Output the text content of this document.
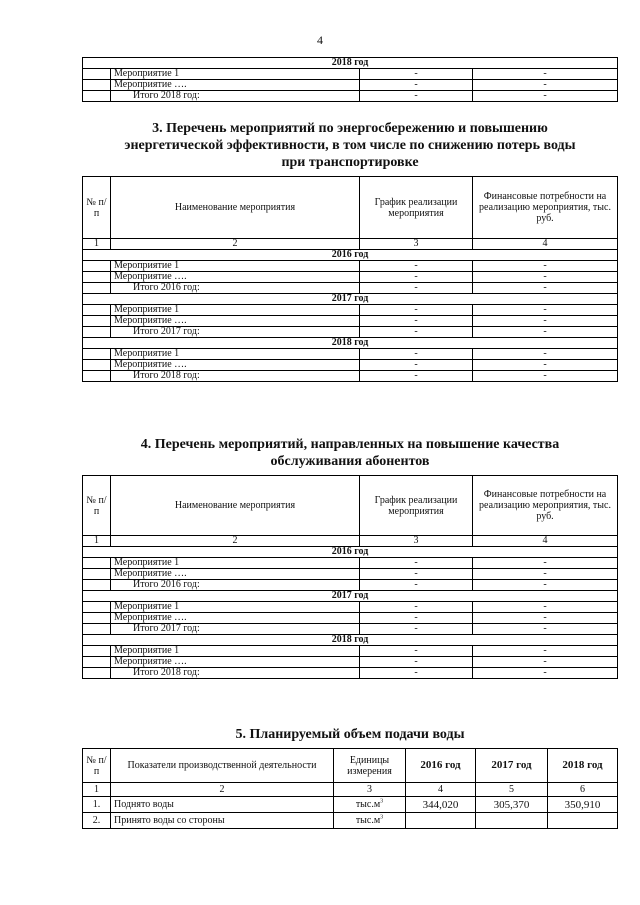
4
2018 год			
	Мероприятие 1	-	-
	Мероприятие ….	-	-
	Итого 2018 год:	-	-
3. Перечень мероприятий по энергосбережению и повышению
энергетической эффективности, в том числе по снижению потерь воды
при транспортировке
№ п/п	Наименование мероприятия	График реализации мероприятия	Финансовые потребности на реализацию мероприятия, тыс. руб.
1	2	3	4
2016 год			
	Мероприятие 1	-	-
	Мероприятие ….	-	-
	Итого 2016 год:	-	-
2017 год			
	Мероприятие 1	-	-
	Мероприятие ….	-	-
	Итого 2017 год:	-	-
2018 год			
	Мероприятие 1	-	-
	Мероприятие ….	-	-
	Итого 2018 год:	-	-
4. Перечень мероприятий, направленных на повышение качества
обслуживания абонентов
№ п/п	Наименование мероприятия	График реализации мероприятия	Финансовые потребности на реализацию мероприятия, тыс. руб.
1	2	3	4
2016 год			
	Мероприятие 1	-	-
	Мероприятие ….	-	-
	Итого 2016 год:	-	-
2017 год			
	Мероприятие 1	-	-
	Мероприятие ….	-	-
	Итого 2017 год:	-	-
2018 год			
	Мероприятие 1	-	-
	Мероприятие ….	-	-
	Итого 2018 год:	-	-
5. Планируемый объем подачи воды
№ п/п	Показатели производственной деятельности	Единицы измерения	2016 год	2017 год	2018 год
1	2	3	4	5	6
1.	Поднято воды	$тыс.м^3$	344,020	305,370	350,910
2.	Принято воды со стороны	$тыс.м^3$			
